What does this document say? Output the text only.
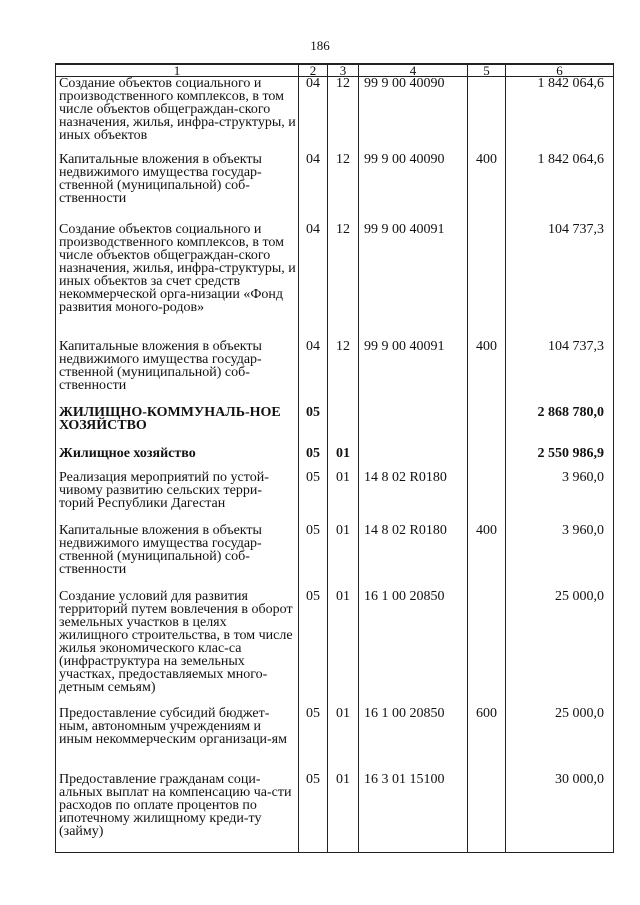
186
1	2	3	4	5	6
Создание объектов социального и производственного комплексов, в том числе объектов общеграждан-ского назначения, жилья, инфра-структуры, и иных объектов	04	12	99 9 00 40090		1 842 064,6
Капитальные вложения в объекты недвижимого имущества государ-ственной (муниципальной) соб-ственности	04	12	99 9 00 40090	400	1 842 064,6
Создание объектов социального и производственного комплексов, в том числе объектов общеграждан-ского назначения, жилья, инфра-структуры, и иных объектов за счет средств некоммерческой орга-низации «Фонд развития моного-родов»	04	12	99 9 00 40091		104 737,3
Капитальные вложения в объекты недвижимого имущества государ-ственной (муниципальной) соб-ственности	04	12	99 9 00 40091	400	104 737,3
ЖИЛИЩНО-КОММУНАЛЬ-НОЕ ХОЗЯЙСТВО	05				2 868 780,0
Жилищное хозяйство	05	01			2 550 986,9
Реализация мероприятий по устой-чивому развитию сельских терри-торий Республики Дагестан	05	01	14 8 02 R0180		3 960,0
Капитальные вложения в объекты недвижимого имущества государ-ственной (муниципальной) соб-ственности	05	01	14 8 02 R0180	400	3 960,0
Создание условий для развития территорий путем вовлечения в оборот земельных участков в целях жилищного строительства, в том числе жилья экономического клас-са (инфраструктура на земельных участках, предоставляемых много-детным семьям)	05	01	16 1 00 20850		25 000,0
Предоставление субсидий бюджет-ным, автономным учреждениям и иным некоммерческим организаци-ям	05	01	16 1 00 20850	600	25 000,0
Предоставление гражданам соци-альных выплат на компенсацию ча-сти расходов по оплате процентов по ипотечному жилищному креди-ту (займу)	05	01	16 3 01 15100		30 000,0
